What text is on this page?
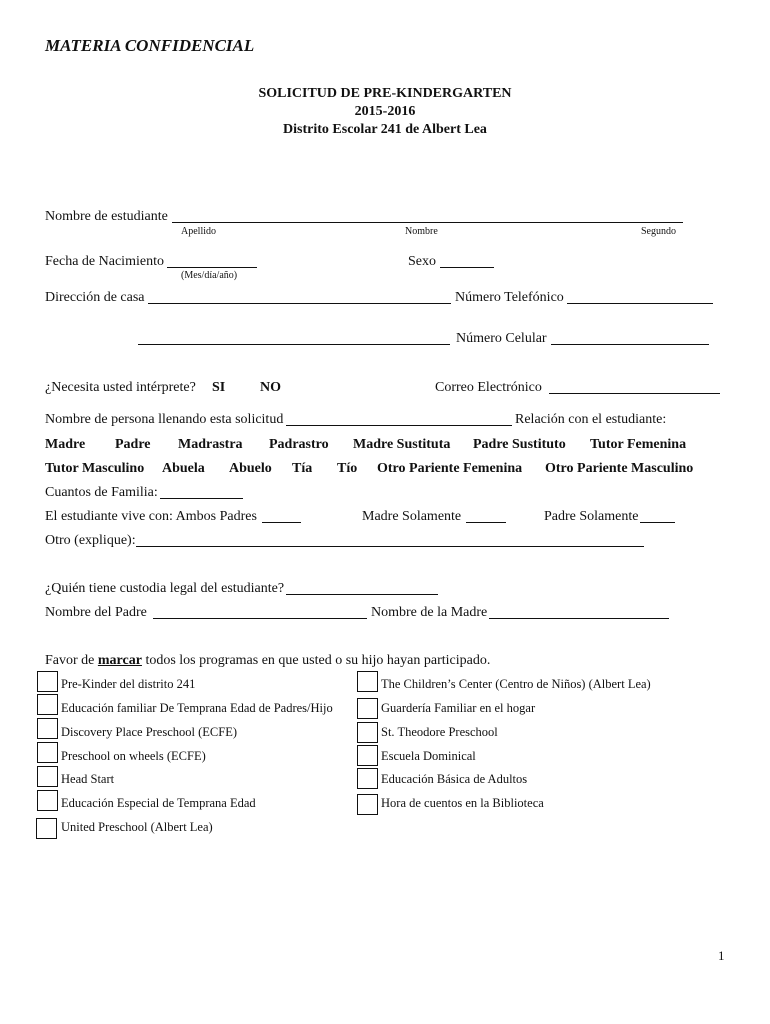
MATERIA CONFIDENCIAL
SOLICITUD DE PRE-KINDERGARTEN
2015-2016
Distrito Escolar 241 de Albert Lea
Nombre de estudiante
Apellido	Nombre	Segundo
Fecha de Nacimiento
(Mes/día/año)
Sexo
Dirección de casa	Número Telefónico
Número Celular
¿Necesita usted intérprete? SI NO	Correo Electrónico
Nombre de persona llenando esta solicitud	Relación con el estudiante:
Madre Padre Madrastra Padrastro Madre Sustituta Padre Sustituto Tutor Femenina
Tutor Masculino Abuela Abuelo Tía Tío Otro Pariente Femenina Otro Pariente Masculino
Cuantos de Familia:
El estudiante vive con: Ambos Padres	Madre Solamente	Padre Solamente
Otro (explique):
¿Quién tiene custodia legal del estudiante?
Nombre del Padre	Nombre de la Madre
Favor de marcar todos los programas en que usted o su hijo hayan participado.
Pre-Kinder del distrito 241
Educación familiar De Temprana Edad de Padres/Hijo
Discovery Place Preschool (ECFE)
Preschool on wheels (ECFE)
Head Start
Educación Especial de Temprana Edad
United Preschool (Albert Lea)
The Children’s Center (Centro de Niños) (Albert Lea)
Guardería Familiar en el hogar
St. Theodore Preschool
Escuela Dominical
Educación Básica de Adultos
Hora de cuentos en la Biblioteca
1
